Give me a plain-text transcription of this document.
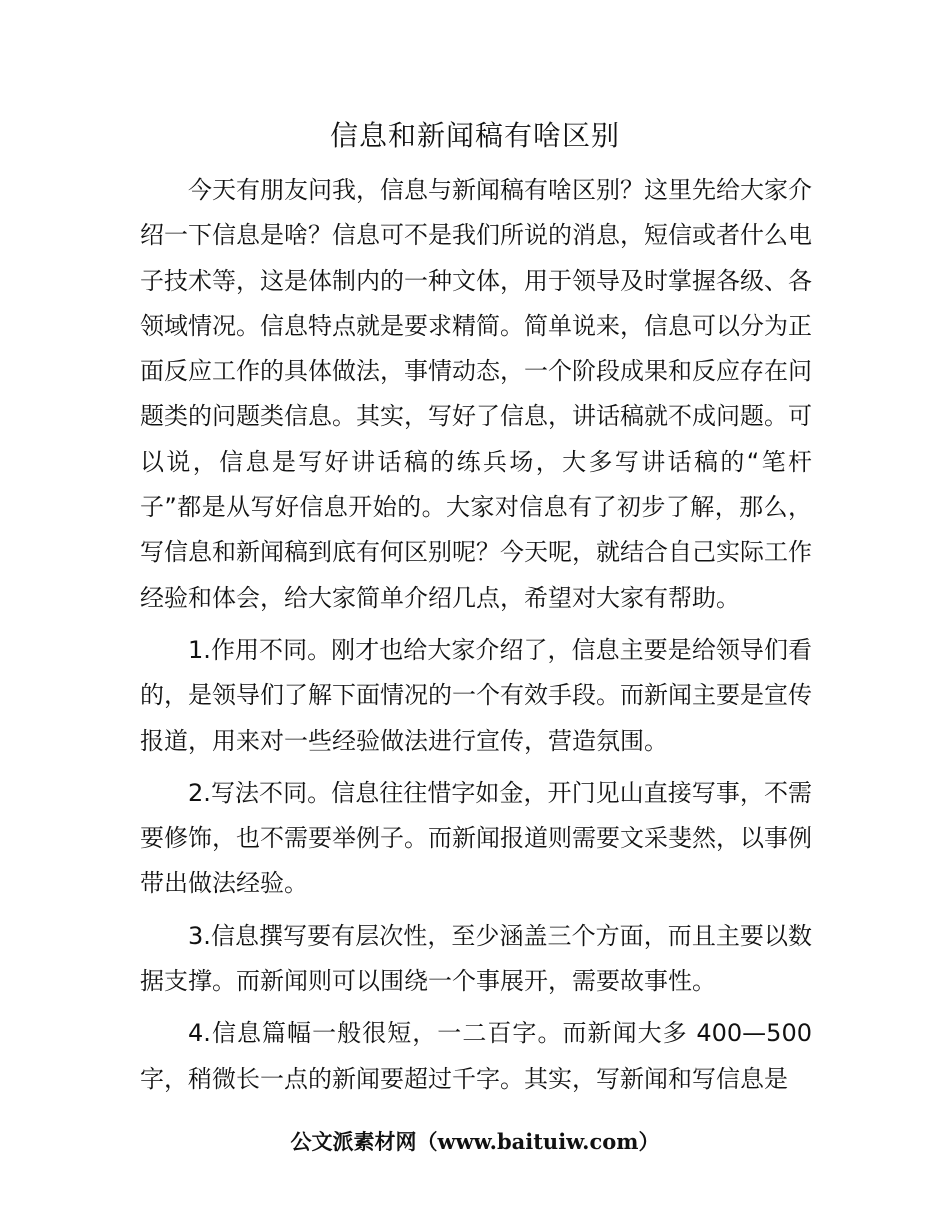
信息和新闻稿有啥区别

今天有朋友问我，信息与新闻稿有啥区别？这里先给大家介绍一下信息是啥？信息可不是我们所说的消息，短信或者什么电子技术等，这是体制内的一种文体，用于领导及时掌握各级、各领域情况。信息特点就是要求精简。简单说来，信息可以分为正面反应工作的具体做法，事情动态，一个阶段成果和反应存在问题类的问题类信息。其实，写好了信息，讲话稿就不成问题。可以说，信息是写好讲话稿的练兵场，大多写讲话稿的“笔杆子”都是从写好信息开始的。大家对信息有了初步了解，那么，写信息和新闻稿到底有何区别呢？今天呢，就结合自己实际工作经验和体会，给大家简单介绍几点，希望对大家有帮助。

1.作用不同。刚才也给大家介绍了，信息主要是给领导们看的，是领导们了解下面情况的一个有效手段。而新闻主要是宣传报道，用来对一些经验做法进行宣传，营造氛围。

2.写法不同。信息往往惜字如金，开门见山直接写事，不需要修饰，也不需要举例子。而新闻报道则需要文采斐然，以事例带出做法经验。

3.信息撰写要有层次性，至少涵盖三个方面，而且主要以数据支撑。而新闻则可以围绕一个事展开，需要故事性。

4.信息篇幅一般很短，一二百字。而新闻大多 400—500 字，稍微长一点的新闻要超过千字。其实，写新闻和写信息是

公文派素材网（www.baituiw.com）
